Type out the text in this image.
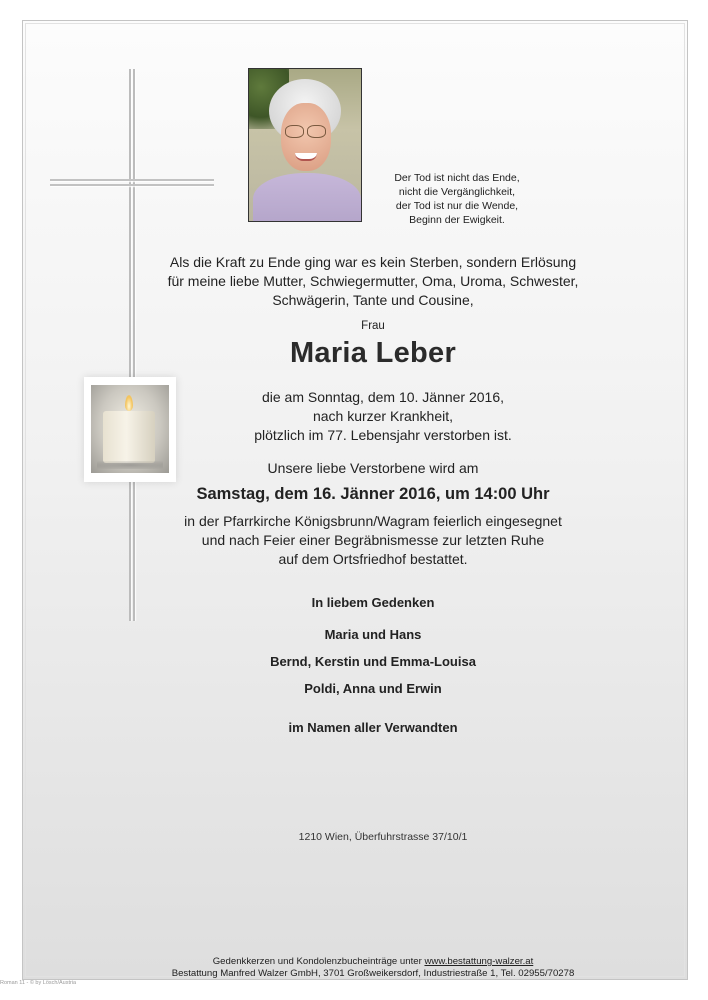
Der Tod ist nicht das Ende,
nicht die Vergänglichkeit,
der Tod ist nur die Wende,
Beginn der Ewigkeit.
Als die Kraft zu Ende ging war es kein Sterben, sondern Erlösung
für meine liebe Mutter, Schwiegermutter, Oma, Uroma, Schwester,
Schwägerin, Tante und Cousine,
Frau
Maria Leber
die am Sonntag, dem 10. Jänner 2016,
nach kurzer Krankheit,
plötzlich im 77. Lebensjahr verstorben ist.
Unsere liebe Verstorbene wird am
Samstag, dem 16. Jänner 2016, um 14:00 Uhr
in der Pfarrkirche Königsbrunn/Wagram feierlich eingesegnet
und nach Feier einer Begräbnismesse zur letzten Ruhe
auf dem Ortsfriedhof bestattet.
In liebem Gedenken
Maria und Hans
Bernd, Kerstin und Emma-Louisa
Poldi, Anna und Erwin
im Namen aller Verwandten
1210 Wien, Überfuhrstrasse 37/10/1
Gedenkkerzen und Kondolenzbucheinträge unter www.bestattung-walzer.at
Bestattung Manfred Walzer GmbH, 3701 Großweikersdorf, Industriestraße 1, Tel. 02955/70278
Roman 11 - © by Lösch/Austria
